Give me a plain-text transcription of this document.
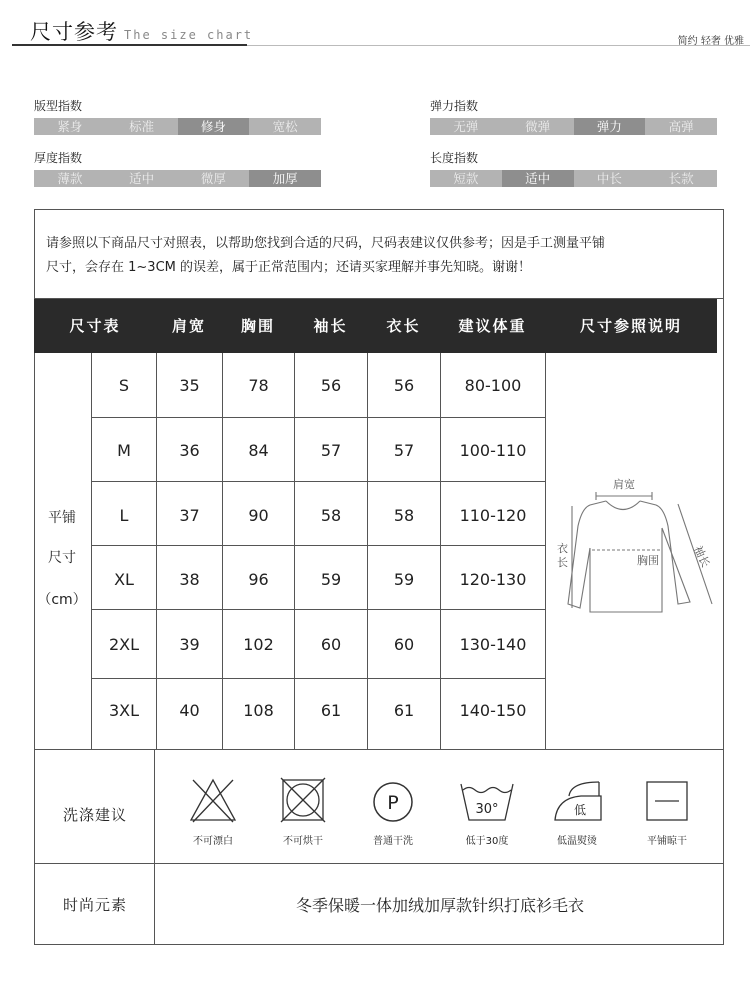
尺寸参考 The size chart	简约 轻奢 优雅
版型指数
紧身	标准	修身	宽松
弹力指数
无弹	微弹	弹力	高弹
厚度指数
薄款	适中	微厚	加厚
长度指数
短款	适中	中长	长款
请参照以下商品尺寸对照表，以帮助您找到合适的尺码，尺码表建议仅供参考；因是手工测量平铺
尺寸，会存在 1~3CM 的误差，属于正常范围内；还请买家理解并事先知晓。谢谢！
尺寸表	肩宽	胸围	袖长	衣长	建议体重	尺寸参照说明
平铺
尺寸
（cm）
S	35	78	56	56	80-100
M	36	84	57	57	100-110
L	37	90	58	58	110-120
XL	38	96	59	59	120-130
2XL	39	102	60	60	130-140
3XL	40	108	61	61	140-150
肩宽
胸围
衣
长	袖长
洗涤建议
不可漂白	不可烘干
P
普通干洗
30°
低于30度
低
低温熨烫	平铺晾干
时尚元素	冬季保暖一体加绒加厚款针织打底衫毛衣
